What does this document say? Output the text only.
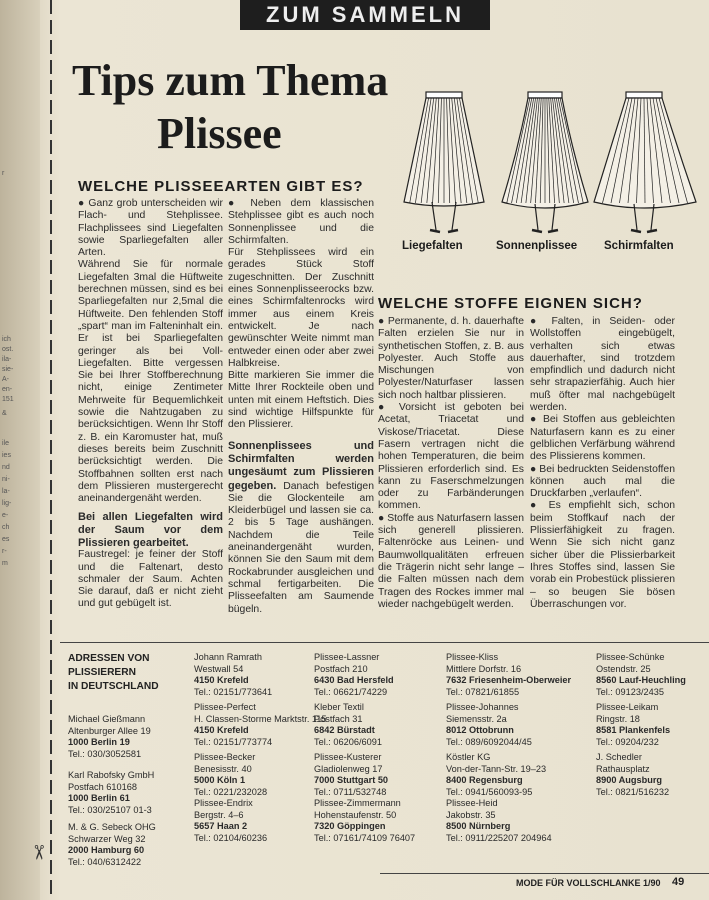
r
ich
ost.
ila-
sie-
A-
en-
151
&
ile
ies
nd
ni-
la-
lig-
e-
ch
es
r-
m
ZUM SAMMELN
Tips zum Thema
Plissee
Liegefalten	Sonnenplissee Schirmfalten
WELCHE PLISSEEARTEN GIBT ES?

● Ganz grob unterscheiden wir Flach- und Stehplissee. Flachplissees sind Liegefalten sowie Sparliegefalten aller Arten.

Während Sie für normale Liegefalten 3mal die Hüftweite berechnen müssen, sind es bei Sparliegefalten nur 2,5mal die Hüftweite. Den fehlenden Stoff „spart“ man im Falteninhalt ein. Er ist bei Sparliegefalten geringer als bei Voll-Liegefalten. Bitte vergessen Sie bei Ihrer Stoffberechnung nicht, einige Zentimeter Mehrweite für Bequemlichkeit sowie die Nahtzugaben zu berücksichtigen. Wenn Ihr Stoff z. B. ein Karomuster hat, muß dieses bereits beim Zuschnitt berücksichtigt werden. Die Stoffbahnen sollten erst nach dem Plissieren mustergerecht aneinandergenäht werden.

Bei allen Liegefalten wird der Saum vor dem Plissieren gearbeitet.

Faustregel: je feiner der Stoff und die Faltenart, desto schmaler der Saum. Achten Sie darauf, daß er nicht zieht und gut gebügelt ist.

● Neben dem klassischen Stehplissee gibt es auch noch Sonnenplissee und die Schirmfalten.

Für Stehplissees wird ein gerades Stück Stoff zugeschnitten. Der Zuschnitt eines Sonnenplisseerocks bzw. eines Schirmfaltenrocks wird immer aus einem Kreis entwickelt. Je nach gewünschter Weite nimmt man entweder einen oder aber zwei Halbkreise.

Bitte markieren Sie immer die Mitte Ihrer Rockteile oben und unten mit einem Heftstich. Dies sind wichtige Hilfspunkte für den Plissierer.

Sonnenplissees und Schirmfalten werden ungesäumt zum Plissieren gegeben. Danach befestigen Sie die Glockenteile am Kleiderbügel und lassen sie ca. 2 bis 5 Tage aushängen. Nachdem die Teile aneinandergenäht wurden, können Sie den Saum mit dem Rockabrunder ausgleichen und schmal fertigarbeiten. Die Plisseefalten am Saumende bügeln.

WELCHE STOFFE EIGNEN SICH?

● Permanente, d. h. dauerhafte Falten erzielen Sie nur in synthetischen Stoffen, z. B. aus Polyester. Auch Stoffe aus Mischungen von Polyester/Naturfaser lassen sich noch haltbar plissieren.

● Vorsicht ist geboten bei Acetat, Triacetat und Viskose/Triacetat. Diese Fasern vertragen nicht die hohen Temperaturen, die beim Plissieren erforderlich sind. Es kann zu Faserschmelzungen oder zu Farbänderungen kommen.

● Stoffe aus Naturfasern lassen sich generell plissieren. Faltenröcke aus Leinen- und Baumwollqualitäten erfreuen die Trägerin nicht sehr lange – die Falten müssen nach dem Tragen des Rockes immer mal wieder nachgebügelt werden.

● Falten, in Seiden- oder Wollstoffen eingebügelt, verhalten sich etwas dauerhafter, sind trotzdem empfindlich und dadurch nicht sehr strapazierfähig. Auch hier muß öfter mal nachgebügelt werden.

● Bei Stoffen aus gebleichten Naturfasern kann es zu einer gelblichen Verfärbung während des Plissierens kommen.

● Bei bedruckten Seidenstoffen können auch mal die Druckfarben „verlaufen“.

● Es empfiehlt sich, schon beim Stoffkauf nach der Plissierfähigkeit zu fragen. Wenn Sie sich nicht ganz sicher über die Plissierbarkeit Ihres Stoffes sind, lassen Sie vorab ein Probestück plissieren – so beugen Sie bösen Überraschungen vor.

ADRESSEN VON
PLISSIERERN
IN DEUTSCHLAND
Michael Gießmann
Altenburger Allee 19
1000 Berlin 19
Tel.: 030/3052581
Karl Rabofsky GmbH
Postfach 610168
1000 Berlin 61
Tel.: 030/25107 01-3
M. & G. Sebeck OHG
Schwarzer Weg 32
2000 Hamburg 60
Tel.: 040/6312422
Johann Ramrath
Westwall 54
4150 Krefeld
Tel.: 02151/773641
Plissee-Perfect
H. Classen-Storme Marktstr. 115
4150 Krefeld
Tel.: 02151/773774
Plissee-Becker
Benesisstr. 40
5000 Köln 1
Tel.: 0221/232028
Plissee-Endrix
Bergstr. 4–6
5657 Haan 2
Tel.: 02104/60236
Plissee-Lassner
Postfach 210
6430 Bad Hersfeld
Tel.: 06621/74229
Kleber Textil
Postfach 31
6842 Bürstadt
Tel.: 06206/6091
Plissee-Kusterer
Gladiolenweg 17
7000 Stuttgart 50
Tel.: 0711/532748
Plissee-Zimmermann
Hohenstaufenstr. 50
7320 Göppingen
Tel.: 07161/74109 76407
Plissee-Kliss
Mittlere Dorfstr. 16
7632 Friesenheim-Oberweier
Tel.: 07821/61855
Plissee-Johannes
Siemensstr. 2a
8012 Ottobrunn
Tel.: 089/6092044/45
Köstler KG
Von-der-Tann-Str. 19–23
8400 Regensburg
Tel.: 0941/560093-95
Plissee-Heid
Jakobstr. 35
8500 Nürnberg
Tel.: 0911/225207 204964
Plissee-Schünke
Ostendstr. 25
8560 Lauf-Heuchling
Tel.: 09123/2435
Plissee-Leikam
Ringstr. 18
8581 Plankenfels
Tel.: 09204/232
J. Schedler
Rathausplatz
8900 Augsburg
Tel.: 0821/516232
MODE FÜR VOLLSCHLANKE 1/90 49
✂
